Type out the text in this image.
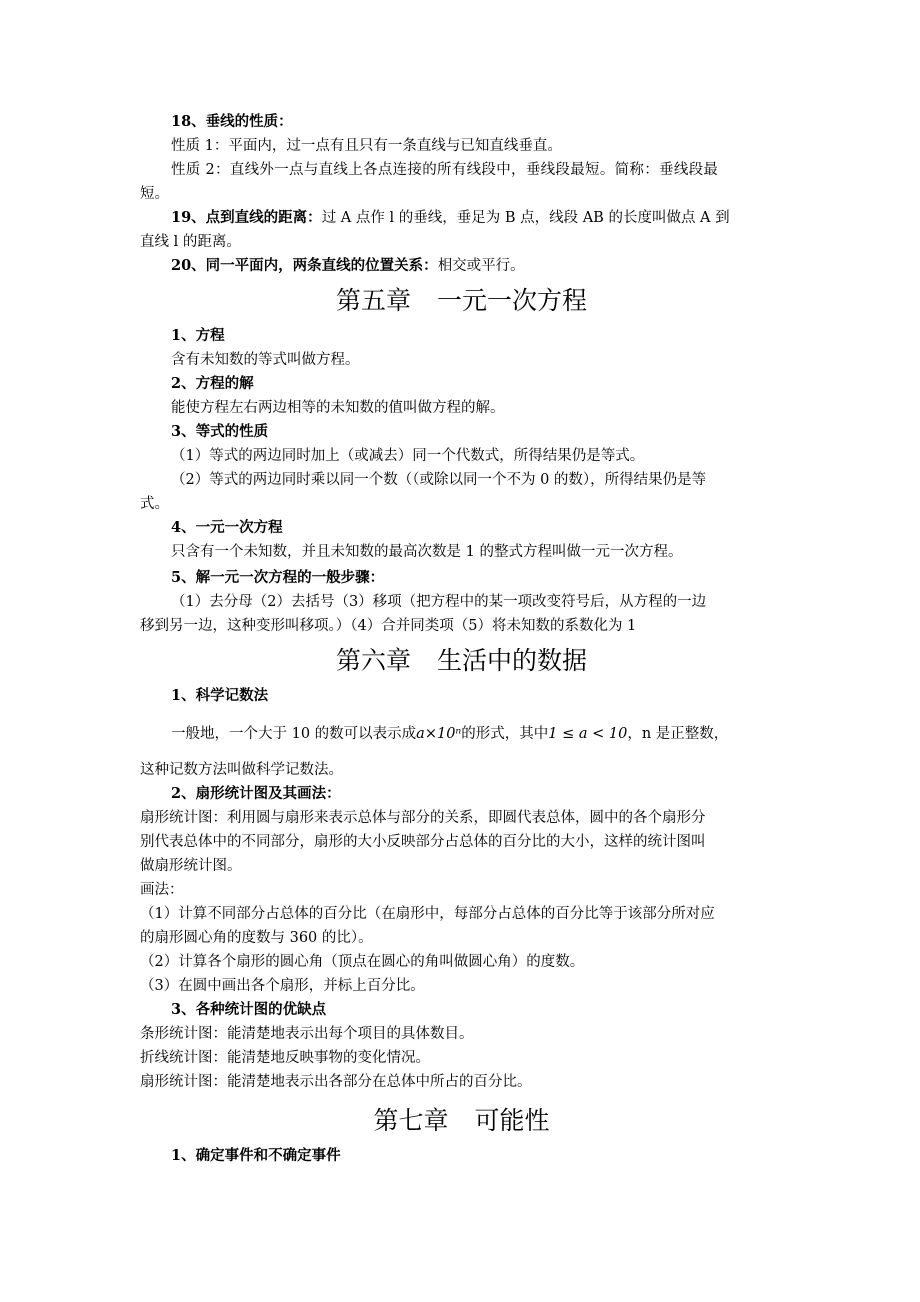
18、垂线的性质：

性质 1：平面内，过一点有且只有一条直线与已知直线垂直。

性质 2：直线外一点与直线上各点连接的所有线段中，垂线段最短。简称：垂线段最

短。

19、点到直线的距离：过 A 点作 l 的垂线，垂足为 B 点，线段 AB 的长度叫做点 A 到

直线 l 的距离。

20、同一平面内，两条直线的位置关系：相交或平行。

第五章 一元一次方程

1、方程

含有未知数的等式叫做方程。

2、方程的解

能使方程左右两边相等的未知数的值叫做方程的解。

3、等式的性质

（1）等式的两边同时加上（或减去）同一个代数式，所得结果仍是等式。

（2）等式的两边同时乘以同一个数（（或除以同一个不为 0 的数），所得结果仍是等

式。

4、一元一次方程

只含有一个未知数，并且未知数的最高次数是 1 的整式方程叫做一元一次方程。

5、解一元一次方程的一般步骤：

（1）去分母（2）去括号（3）移项（把方程中的某一项改变符号后，从方程的一边

移到另一边，这种变形叫移项。）（4）合并同类项（5）将未知数的系数化为 1

第六章 生活中的数据

1、科学记数法

一般地，一个大于 10 的数可以表示成a×10ⁿ的形式，其中1 ≤ a < 10，n 是正整数，

这种记数方法叫做科学记数法。

2、扇形统计图及其画法：

扇形统计图：利用圆与扇形来表示总体与部分的关系，即圆代表总体，圆中的各个扇形分

别代表总体中的不同部分，扇形的大小反映部分占总体的百分比的大小，这样的统计图叫

做扇形统计图。

画法：

（1）计算不同部分占总体的百分比（在扇形中，每部分占总体的百分比等于该部分所对应

的扇形圆心角的度数与 360 的比）。

（2）计算各个扇形的圆心角（顶点在圆心的角叫做圆心角）的度数。

（3）在圆中画出各个扇形，并标上百分比。

3、各种统计图的优缺点

条形统计图：能清楚地表示出每个项目的具体数目。

折线统计图：能清楚地反映事物的变化情况。

扇形统计图：能清楚地表示出各部分在总体中所占的百分比。

第七章 可能性

1、确定事件和不确定事件
